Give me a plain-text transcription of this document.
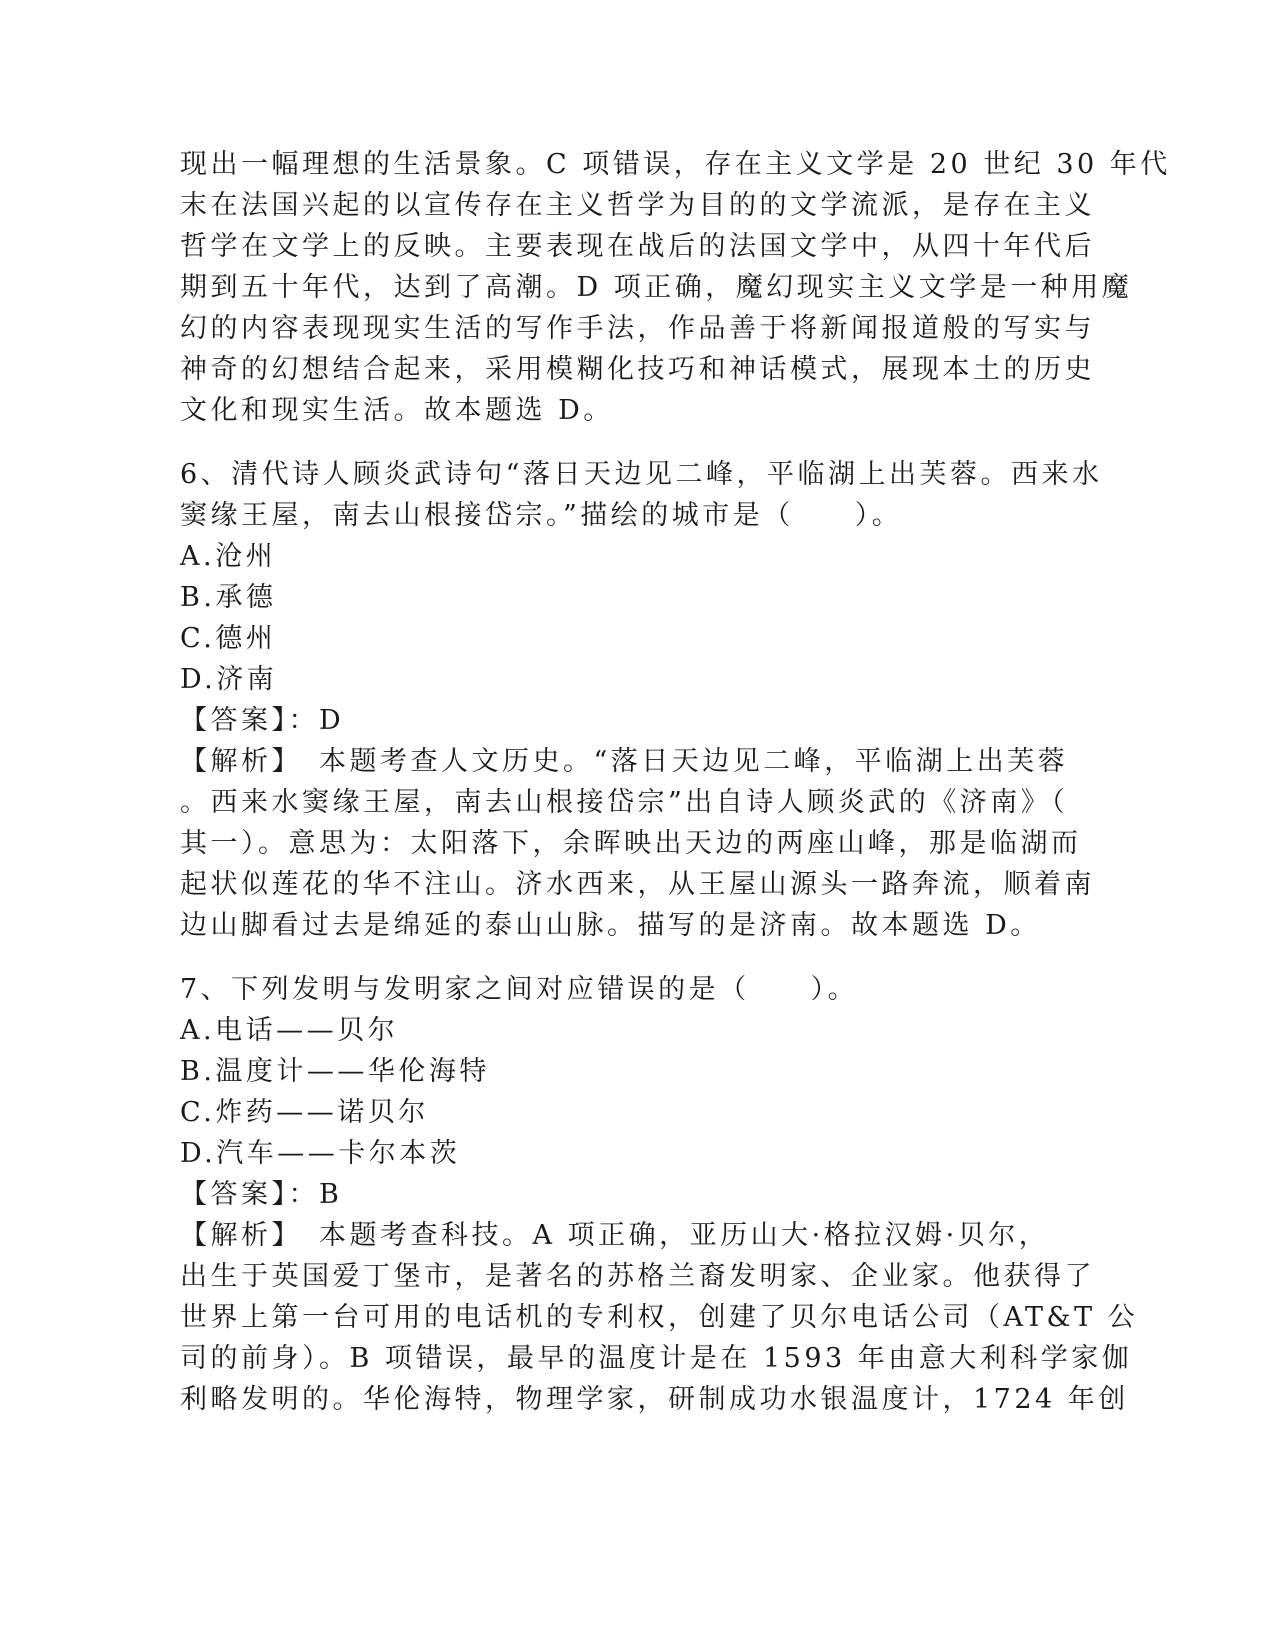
现出一幅理想的生活景象。C 项错误，存在主义文学是 20 世纪 30 年代
末在法国兴起的以宣传存在主义哲学为目的的文学流派，是存在主义
哲学在文学上的反映。主要表现在战后的法国文学中，从四十年代后
期到五十年代，达到了高潮。D 项正确，魔幻现实主义文学是一种用魔
幻的内容表现现实生活的写作手法，作品善于将新闻报道般的写实与
神奇的幻想结合起来，采用模糊化技巧和神话模式，展现本土的历史
文化和现实生活。故本题选 D。
6、清代诗人顾炎武诗句“落日天边见二峰，平临湖上出芙蓉。西来水
窦缘王屋，南去山根接岱宗。”描绘的城市是（　　）。
A.沧州
B.承德
C.德州
D.济南
【答案】：D
【解析】　本题考查人文历史。“落日天边见二峰，平临湖上出芙蓉
。西来水窦缘王屋，南去山根接岱宗”出自诗人顾炎武的《济南》（
其一）。意思为：太阳落下，余晖映出天边的两座山峰，那是临湖而
起状似莲花的华不注山。济水西来，从王屋山源头一路奔流，顺着南
边山脚看过去是绵延的泰山山脉。描写的是济南。故本题选 D。
7、下列发明与发明家之间对应错误的是（　　）。
A.电话——贝尔
B.温度计——华伦海特
C.炸药——诺贝尔
D.汽车——卡尔本茨
【答案】：B
【解析】　本题考查科技。A 项正确，亚历山大·格拉汉姆·贝尔，
出生于英国爱丁堡市，是著名的苏格兰裔发明家、企业家。他获得了
世界上第一台可用的电话机的专利权，创建了贝尔电话公司（AT&T 公
司的前身）。B 项错误，最早的温度计是在 1593 年由意大利科学家伽
利略发明的。华伦海特，物理学家，研制成功水银温度计，1724 年创
